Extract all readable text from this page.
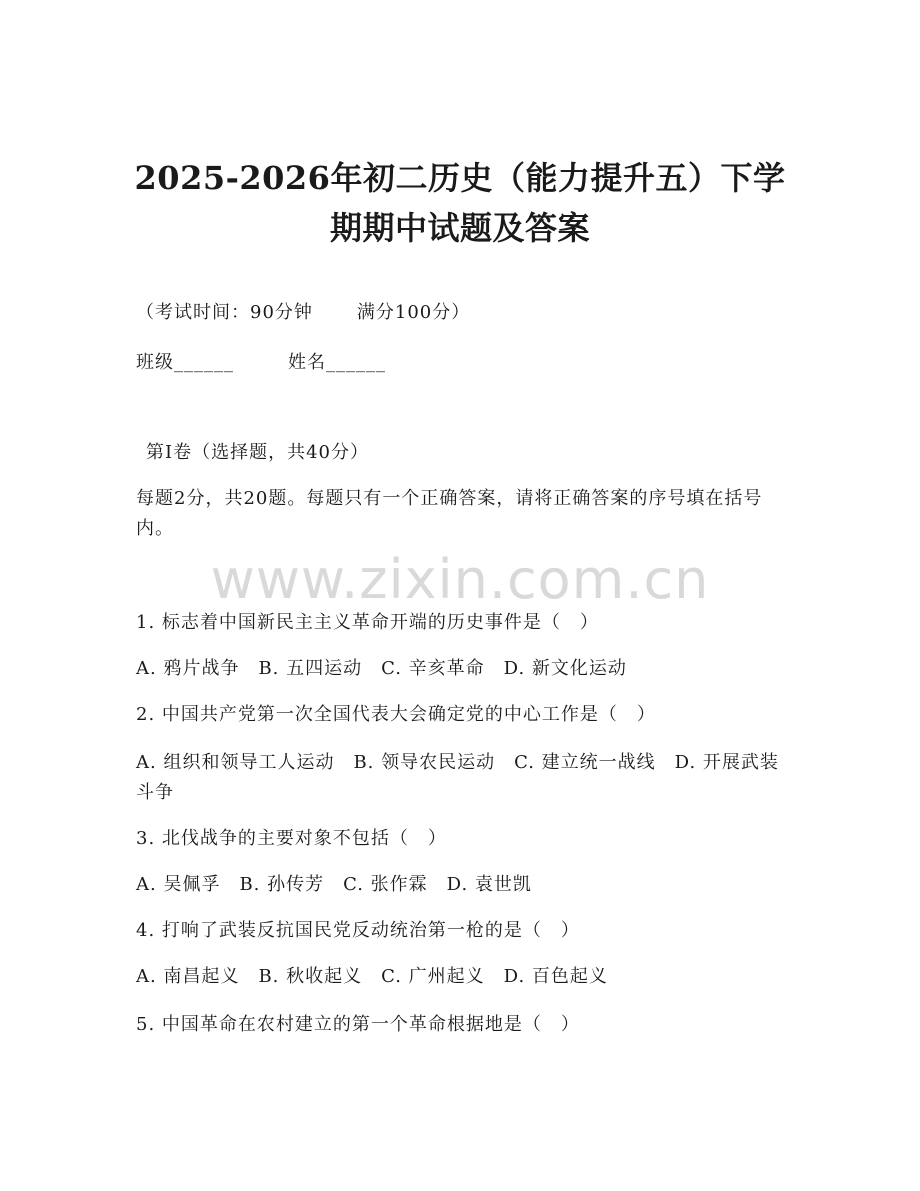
2025-2026年初二历史（能力提升五）下学
期期中试题及答案
（考试时间：90分钟 满分100分）
班级______	姓名______
第Ⅰ卷（选择题，共40分）
每题2分，共20题。每题只有一个正确答案，请将正确答案的序号填在括号内。
www.zixin.com.cn
1. 标志着中国新民主主义革命开端的历史事件是（　）
A. 鸦片战争　B. 五四运动　C. 辛亥革命　D. 新文化运动
2. 中国共产党第一次全国代表大会确定党的中心工作是（　）
A. 组织和领导工人运动　B. 领导农民运动　C. 建立统一战线　D. 开展武装斗争
3. 北伐战争的主要对象不包括（　）
A. 吴佩孚　B. 孙传芳　C. 张作霖　D. 袁世凯
4. 打响了武装反抗国民党反动统治第一枪的是（　）
A. 南昌起义　B. 秋收起义　C. 广州起义　D. 百色起义
5. 中国革命在农村建立的第一个革命根据地是（　）
